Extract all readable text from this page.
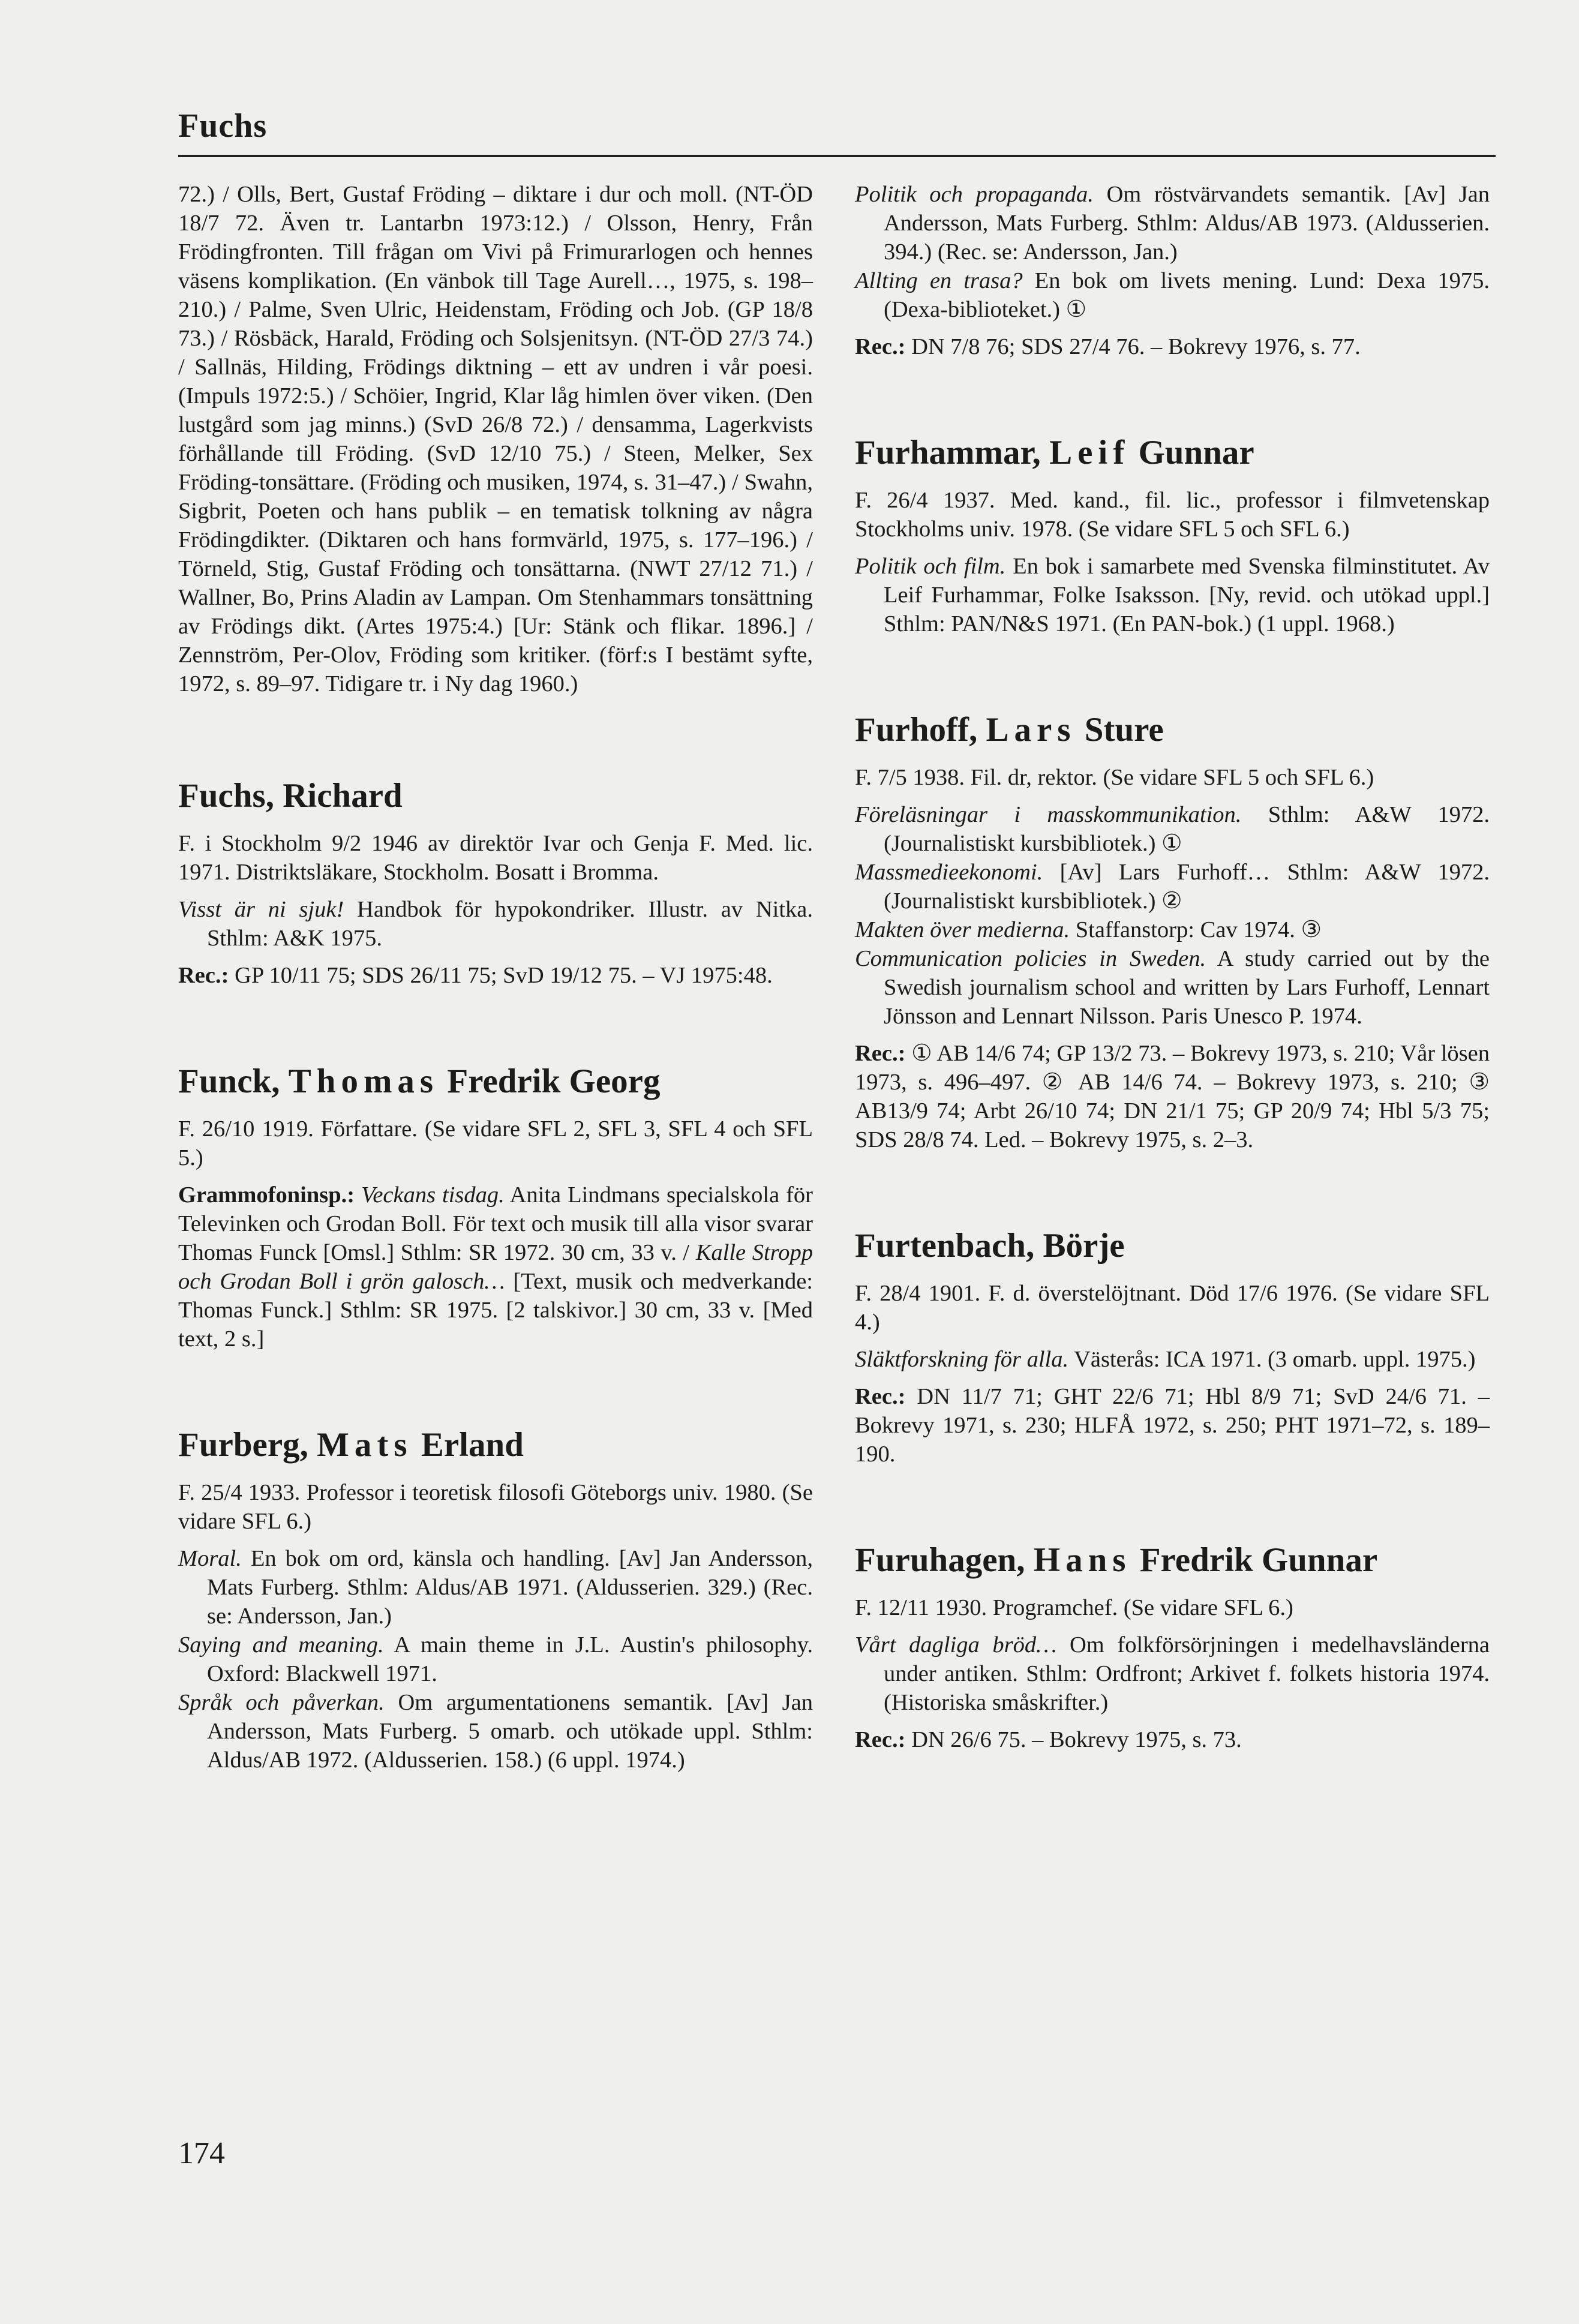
Fuchs

72.) / Olls, Bert, Gustaf Fröding – diktare i dur och moll. (NT-ÖD 18/7 72. Även tr. Lantarbn 1973:12.) / Olsson, Henry, Från Frödingfronten. Till frågan om Vivi på Frimurarlogen och hennes väsens komplikation. (En vänbok till Tage Aurell…, 1975, s. 198–210.) / Palme, Sven Ulric, Heidenstam, Fröding och Job. (GP 18/8 73.) / Rösbäck, Harald, Fröding och Solsjenitsyn. (NT-ÖD 27/3 74.) / Sallnäs, Hilding, Frödings diktning – ett av undren i vår poesi. (Impuls 1972:5.) / Schöier, Ingrid, Klar låg himlen över viken. (Den lustgård som jag minns.) (SvD 26/8 72.) / densamma, Lagerkvists förhållande till Fröding. (SvD 12/10 75.) / Steen, Melker, Sex Fröding-tonsättare. (Fröding och musiken, 1974, s. 31–47.) / Swahn, Sigbrit, Poeten och hans publik – en tematisk tolkning av några Frödingdikter. (Diktaren och hans formvärld, 1975, s. 177–196.) / Törneld, Stig, Gustaf Fröding och tonsättarna. (NWT 27/12 71.) / Wallner, Bo, Prins Aladin av Lampan. Om Stenhammars tonsättning av Frödings dikt. (Artes 1975:4.) [Ur: Stänk och flikar. 1896.] / Zennström, Per-Olov, Fröding som kritiker. (förf:s I bestämt syfte, 1972, s. 89–97. Tidigare tr. i Ny dag 1960.)

Fuchs, Richard

F. i Stockholm 9/2 1946 av direktör Ivar och Genja F. Med. lic. 1971. Distriktsläkare, Stockholm. Bosatt i Bromma.

Visst är ni sjuk! Handbok för hypokondriker. Illustr. av Nitka. Sthlm: A&K 1975.

Rec.: GP 10/11 75; SDS 26/11 75; SvD 19/12 75. – VJ 1975:48.

Funck, Thomas Fredrik Georg

F. 26/10 1919. Författare. (Se vidare SFL 2, SFL 3, SFL 4 och SFL 5.)

Grammofoninsp.: Veckans tisdag. Anita Lindmans specialskola för Televinken och Grodan Boll. För text och musik till alla visor svarar Thomas Funck [Omsl.] Sthlm: SR 1972. 30 cm, 33 v. / Kalle Stropp och Grodan Boll i grön galosch… [Text, musik och medverkande: Thomas Funck.] Sthlm: SR 1975. [2 talskivor.] 30 cm, 33 v. [Med text, 2 s.]

Furberg, Mats Erland

F. 25/4 1933. Professor i teoretisk filosofi Göteborgs univ. 1980. (Se vidare SFL 6.)

Moral. En bok om ord, känsla och handling. [Av] Jan Andersson, Mats Furberg. Sthlm: Aldus/AB 1971. (Aldusserien. 329.) (Rec. se: Andersson, Jan.)

Saying and meaning. A main theme in J.L. Austin's philosophy. Oxford: Blackwell 1971.

Språk och påverkan. Om argumentationens semantik. [Av] Jan Andersson, Mats Furberg. 5 omarb. och utökade uppl. Sthlm: Aldus/AB 1972. (Aldusserien. 158.) (6 uppl. 1974.)

Politik och propaganda. Om röstvärvandets semantik. [Av] Jan Andersson, Mats Furberg. Sthlm: Aldus/AB 1973. (Aldusserien. 394.) (Rec. se: Andersson, Jan.)

Allting en trasa? En bok om livets mening. Lund: Dexa 1975. (Dexa-biblioteket.) ①

Rec.: DN 7/8 76; SDS 27/4 76. – Bokrevy 1976, s. 77.

Furhammar, Leif Gunnar

F. 26/4 1937. Med. kand., fil. lic., professor i filmvetenskap Stockholms univ. 1978. (Se vidare SFL 5 och SFL 6.)

Politik och film. En bok i samarbete med Svenska filminstitutet. Av Leif Furhammar, Folke Isaksson. [Ny, revid. och utökad uppl.] Sthlm: PAN/N&S 1971. (En PAN-bok.) (1 uppl. 1968.)

Furhoff, Lars Sture

F. 7/5 1938. Fil. dr, rektor. (Se vidare SFL 5 och SFL 6.)

Föreläsningar i masskommunikation. Sthlm: A&W 1972. (Journalistiskt kursbibliotek.) ①

Massmedieekonomi. [Av] Lars Furhoff… Sthlm: A&W 1972. (Journalistiskt kursbibliotek.) ②

Makten över medierna. Staffanstorp: Cav 1974. ③

Communication policies in Sweden. A study carried out by the Swedish journalism school and written by Lars Furhoff, Lennart Jönsson and Lennart Nilsson. Paris Unesco P. 1974.

Rec.: ① AB 14/6 74; GP 13/2 73. – Bokrevy 1973, s. 210; Vår lösen 1973, s. 496–497. ② AB 14/6 74. – Bokrevy 1973, s. 210; ③ AB13/9 74; Arbt 26/10 74; DN 21/1 75; GP 20/9 74; Hbl 5/3 75; SDS 28/8 74. Led. – Bokrevy 1975, s. 2–3.

Furtenbach, Börje

F. 28/4 1901. F. d. överstelöjtnant. Död 17/6 1976. (Se vidare SFL 4.)

Släktforskning för alla. Västerås: ICA 1971. (3 omarb. uppl. 1975.)

Rec.: DN 11/7 71; GHT 22/6 71; Hbl 8/9 71; SvD 24/6 71. – Bokrevy 1971, s. 230; HLFÅ 1972, s. 250; PHT 1971–72, s. 189–190.

Furuhagen, Hans Fredrik Gunnar

F. 12/11 1930. Programchef. (Se vidare SFL 6.)

Vårt dagliga bröd… Om folkförsörjningen i medelhavsländerna under antiken. Sthlm: Ordfront; Arkivet f. folkets historia 1974. (Historiska småskrifter.)

Rec.: DN 26/6 75. – Bokrevy 1975, s. 73.

174
